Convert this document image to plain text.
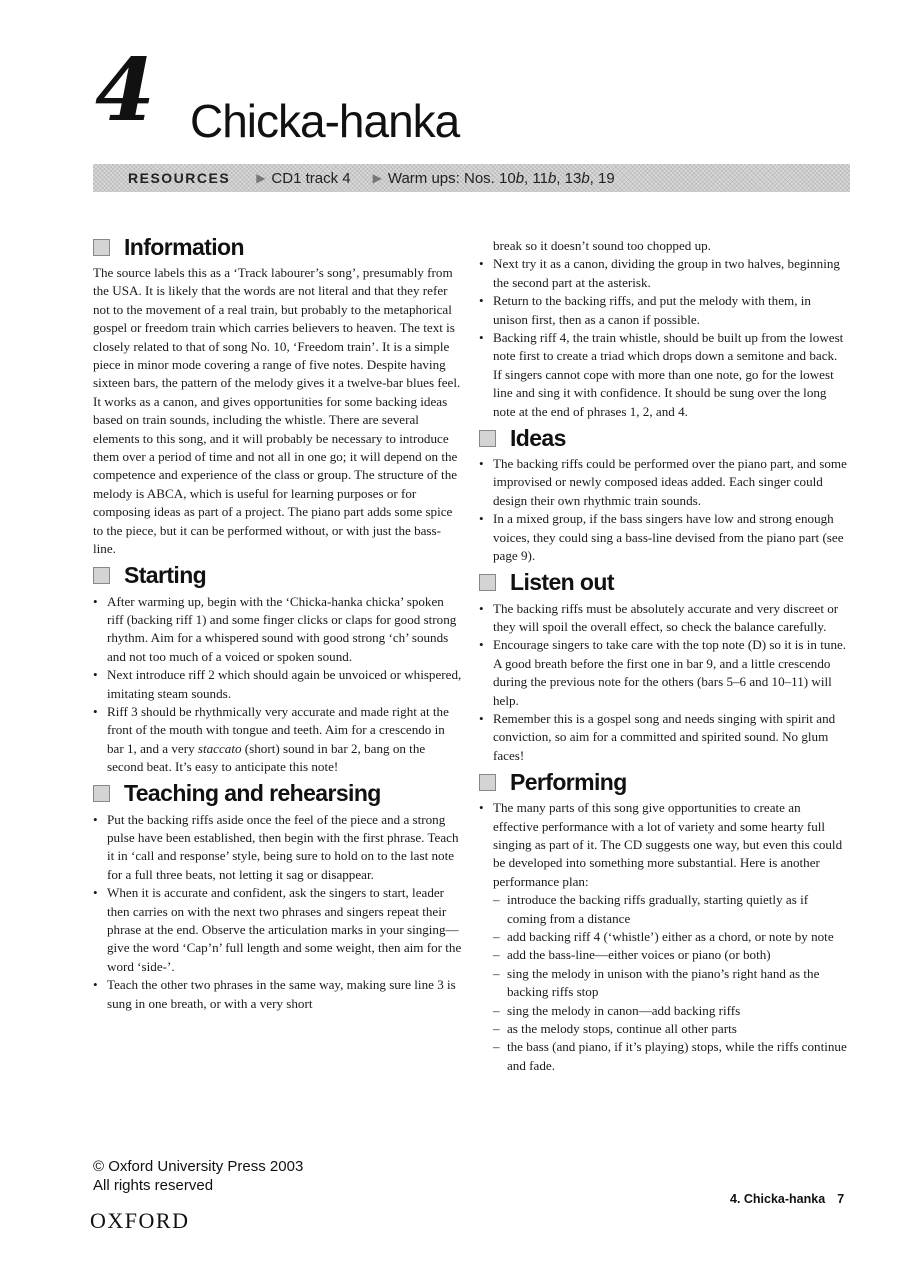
4 Chicka-hanka
RESOURCES ▶ CD1 track 4 ▶ Warm ups: Nos. 10b, 11b, 13b, 19
Information

The source labels this as a ‘Track labourer’s song’, presumably from the USA. It is likely that the words are not literal and that they refer not to the movement of a real train, but probably to the metaphorical gospel or freedom train which carries believers to heaven. The text is closely related to that of song No. 10, ‘Freedom train’. It is a simple piece in minor mode covering a range of five notes. Despite having sixteen bars, the pattern of the melody gives it a twelve-bar blues feel. It works as a canon, and gives opportunities for some backing ideas based on train sounds, including the whistle. There are several elements to this song, and it will probably be necessary to introduce them over a period of time and not all in one go; it will depend on the competence and experience of the class or group. The structure of the melody is ABCA, which is useful for learning purposes or for composing ideas as part of a project. The piano part adds some spice to the piece, but it can be performed without, or with just the bass-line.

Starting
• After warming up, begin with the ‘Chicka-hanka chicka’ spoken riff (backing riff 1) and some finger clicks or claps for good strong rhythm. Aim for a whispered sound with good strong ‘ch’ sounds and not too much of a voiced or spoken sound.
• Next introduce riff 2 which should again be unvoiced or whispered, imitating steam sounds.
• Riff 3 should be rhythmically very accurate and made right at the front of the mouth with tongue and teeth. Aim for a crescendo in bar 1, and a very staccato (short) sound in bar 2, bang on the second beat. It’s easy to anticipate this note!
Teaching and rehearsing
• Put the backing riffs aside once the feel of the piece and a strong pulse have been established, then begin with the first phrase. Teach it in ‘call and response’ style, being sure to hold on to the last note for a full three beats, not letting it sag or disappear.
• When it is accurate and confident, ask the singers to start, leader then carries on with the next two phrases and singers repeat their phrase at the end. Observe the articulation marks in your singing—give the word ‘Cap’n’ full length and some weight, then aim for the word ‘side-’.
• Teach the other two phrases in the same way, making sure line 3 is sung in one breath, or with a very short
break so it doesn’t sound too chopped up.
• Next try it as a canon, dividing the group in two halves, beginning the second part at the asterisk.
• Return to the backing riffs, and put the melody with them, in unison first, then as a canon if possible.
• Backing riff 4, the train whistle, should be built up from the lowest note first to create a triad which drops down a semitone and back. If singers cannot cope with more than one note, go for the lowest line and sing it with confidence. It should be sung over the long note at the end of phrases 1, 2, and 4.
Ideas
• The backing riffs could be performed over the piano part, and some improvised or newly composed ideas added. Each singer could design their own rhythmic train sounds.
• In a mixed group, if the bass singers have low and strong enough voices, they could sing a bass-line devised from the piano part (see page 9).
Listen out
• The backing riffs must be absolutely accurate and very discreet or they will spoil the overall effect, so check the balance carefully.
• Encourage singers to take care with the top note (D) so it is in tune. A good breath before the first one in bar 9, and a little crescendo during the previous note for the others (bars 5–6 and 10–11) will help.
• Remember this is a gospel song and needs singing with spirit and conviction, so aim for a committed and spirited sound. No glum faces!
Performing
• The many parts of this song give opportunities to create an effective performance with a lot of variety and some hearty full singing as part of it. The CD suggests one way, but even this could be developed into something more substantial. Here is another performance plan:
– introduce the backing riffs gradually, starting quietly as if coming from a distance
– add backing riff 4 (‘whistle’) either as a chord, or note by note
– add the bass-line—either voices or piano (or both)
– sing the melody in unison with the piano’s right hand as the backing riffs stop
– sing the melody in canon—add backing riffs
– as the melody stops, continue all other parts
– the bass (and piano, if it’s playing) stops, while the riffs continue and fade.
© Oxford University Press 2003
All rights reserved
OXFORD
4. Chicka-hanka 7
